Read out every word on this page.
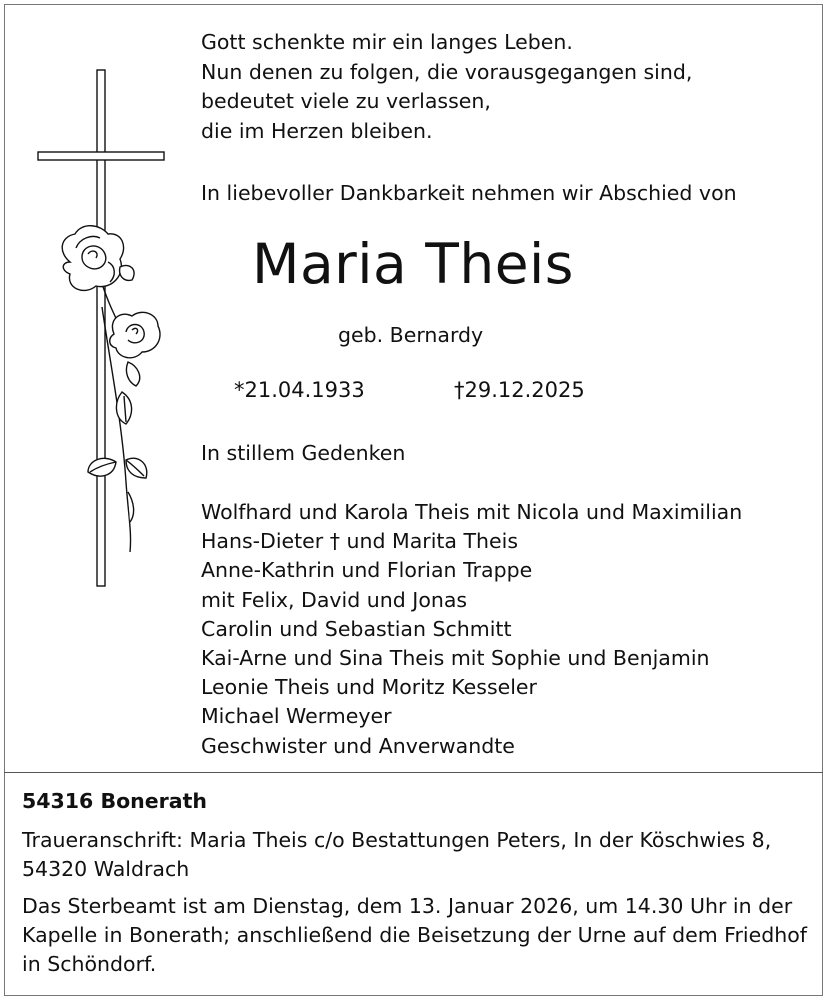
Gott schenkte mir ein langes Leben.
Nun denen zu folgen, die vorausgegangen sind,
bedeutet viele zu verlassen,
die im Herzen bleiben.
In liebevoller Dankbarkeit nehmen wir Abschied von
Maria Theis
geb. Bernardy
*21.04.1933	†29.12.2025
In stillem Gedenken
Wolfhard und Karola Theis mit Nicola und Maximilian
Hans-Dieter † und Marita Theis
Anne-Kathrin und Florian Trappe
mit Felix, David und Jonas
Carolin und Sebastian Schmitt
Kai-Arne und Sina Theis mit Sophie und Benjamin
Leonie Theis und Moritz Kesseler
Michael Wermeyer
Geschwister und Anverwandte
54316 Bonerath
Traueranschrift: Maria Theis c/o Bestattungen Peters, In der Köschwies 8, 54320 Waldrach
Das Sterbeamt ist am Dienstag, dem 13. Januar 2026, um 14.30 Uhr in der Kapelle in Bonerath; anschließend die Beisetzung der Urne auf dem Friedhof in Schöndorf.
